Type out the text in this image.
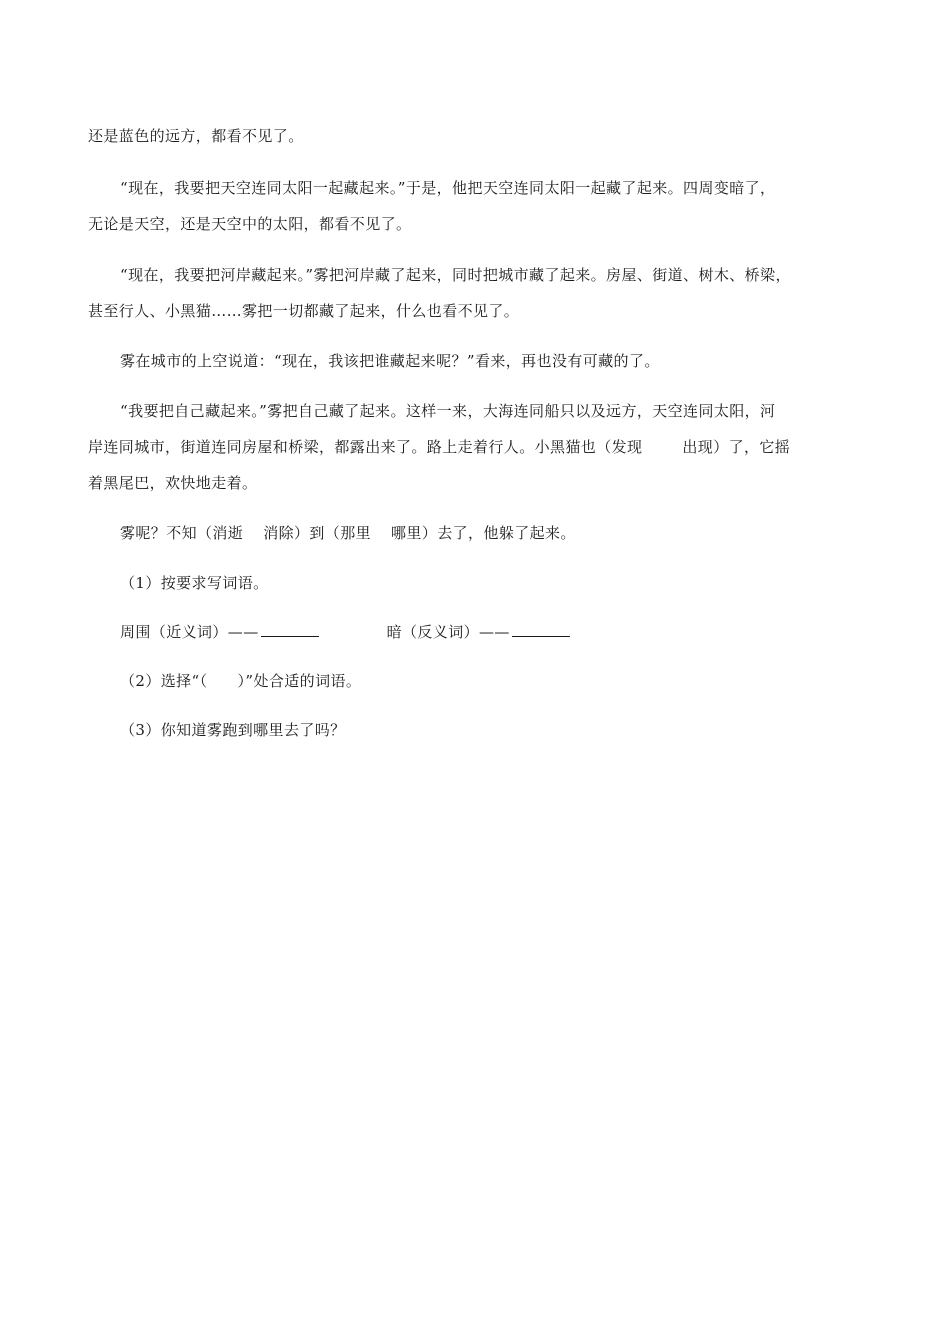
还是蓝色的远方，都看不见了。
“现在，我要把天空连同太阳一起藏起来。”于是，他把天空连同太阳一起藏了起来。四周变暗了，
无论是天空，还是天空中的太阳，都看不见了。
“现在，我要把河岸藏起来。”雾把河岸藏了起来，同时把城市藏了起来。房屋、街道、树木、桥梁，
甚至行人、小黑猫……雾把一切都藏了起来，什么也看不见了。
雾在城市的上空说道：“现在，我该把谁藏起来呢？”看来，再也没有可藏的了。
“我要把自己藏起来。”雾把自己藏了起来。这样一来，大海连同船只以及远方，天空连同太阳，河
岸连同城市，街道连同房屋和桥梁，都露出来了。路上走着行人。小黑猫也（发现	出现）了，它摇
着黑尾巴，欢快地走着。
雾呢？不知（消逝 消除）到（那里 哪里）去了，他躲了起来。
（1）按要求写词语。
周围（近义词）——	暗（反义词）——
（2）选择“（ ）”处合适的词语。
（3）你知道雾跑到哪里去了吗？
